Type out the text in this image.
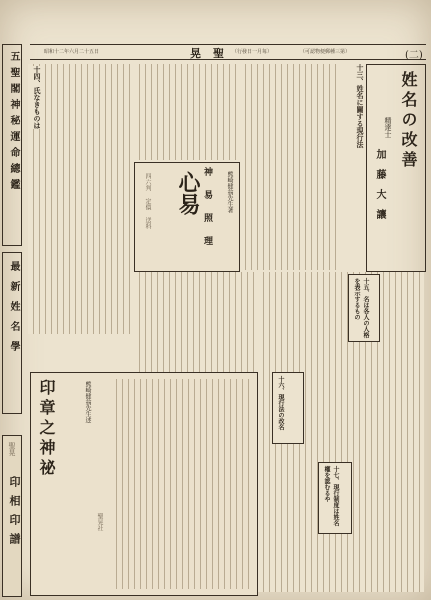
(二)
晃聖	（可認物便郵種三第）
昭和十二年六月二十五日	（行發日一月每）
五聖閣神秘運命總鑑
最新姓名學
聖晃
印相印譜
姓名の改善
精達士
加藤大讓
十三、姓名に關する現行法
十四、氏なきものは
神 易 照 理
心易	熊崎健翁先生著
四六判 定價 送料
十五、名は各人の人格を表示するもの
十六、現行法の改名
十七、現行制度は姓名權を認むるや
印章之神祕	熊崎健翁先生述
聖晃社
